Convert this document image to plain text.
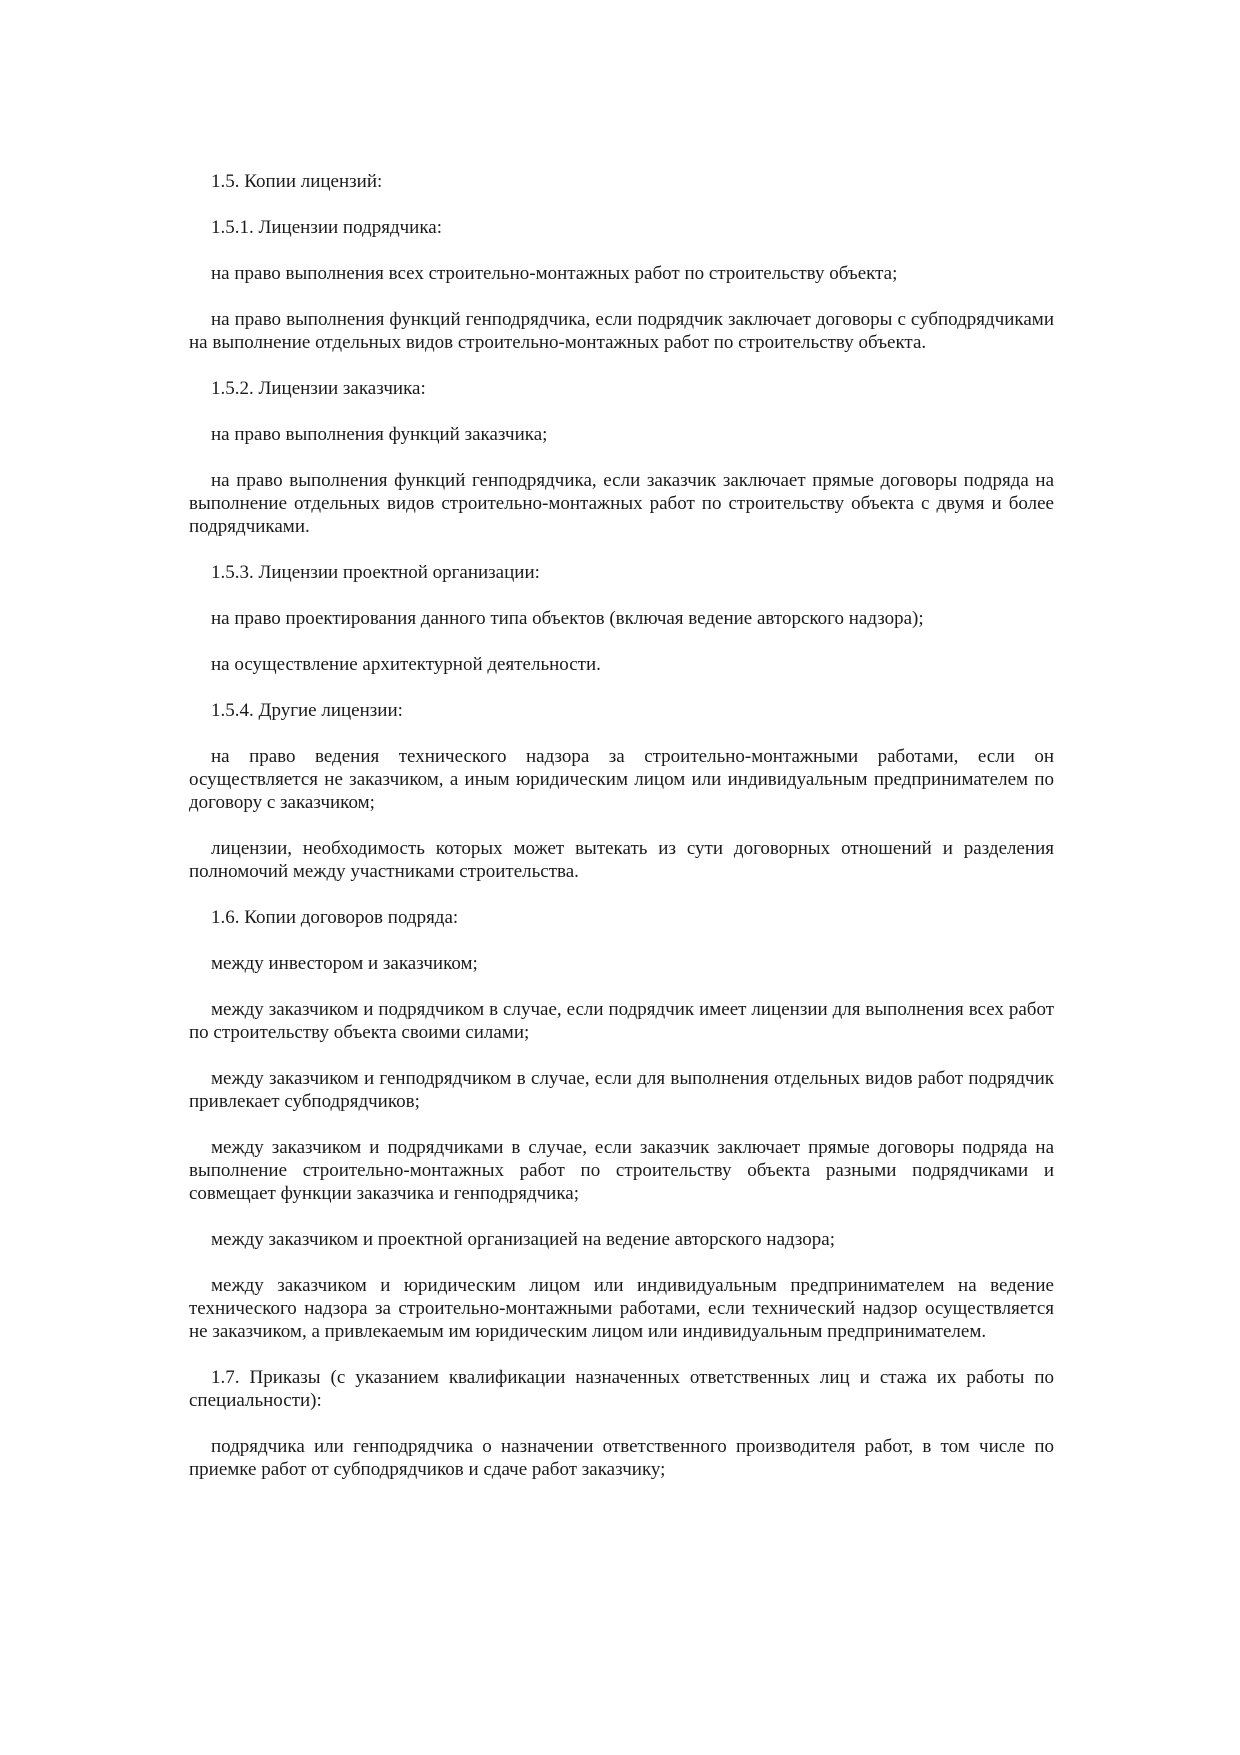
1.5. Копии лицензий:

1.5.1. Лицензии подрядчика:

на право выполнения всех строительно-монтажных работ по строительству объекта;

на право выполнения функций генподрядчика, если подрядчик заключает договоры с субподрядчиками на выполнение отдельных видов строительно-монтажных работ по строительству объекта.

1.5.2. Лицензии заказчика:

на право выполнения функций заказчика;

на право выполнения функций генподрядчика, если заказчик заключает прямые договоры подряда на выполнение отдельных видов строительно-монтажных работ по строительству объекта с двумя и более подрядчиками.

1.5.3. Лицензии проектной организации:

на право проектирования данного типа объектов (включая ведение авторского надзора);

на осуществление архитектурной деятельности.

1.5.4. Другие лицензии:

на право ведения технического надзора за строительно-монтажными работами, если он осуществляется не заказчиком, а иным юридическим лицом или индивидуальным предпринимателем по договору с заказчиком;

лицензии, необходимость которых может вытекать из сути договорных отношений и разделения полномочий между участниками строительства.

1.6. Копии договоров подряда:

между инвестором и заказчиком;

между заказчиком и подрядчиком в случае, если подрядчик имеет лицензии для выполнения всех работ по строительству объекта своими силами;

между заказчиком и генподрядчиком в случае, если для выполнения отдельных видов работ подрядчик привлекает субподрядчиков;

между заказчиком и подрядчиками в случае, если заказчик заключает прямые договоры подряда на выполнение строительно-монтажных работ по строительству объекта разными подрядчиками и совмещает функции заказчика и генподрядчика;

между заказчиком и проектной организацией на ведение авторского надзора;

между заказчиком и юридическим лицом или индивидуальным предпринимателем на ведение технического надзора за строительно-монтажными работами, если технический надзор осуществляется не заказчиком, а привлекаемым им юридическим лицом или индивидуальным предпринимателем.

1.7. Приказы (с указанием квалификации назначенных ответственных лиц и стажа их работы по специальности):

подрядчика или генподрядчика о назначении ответственного производителя работ, в том числе по приемке работ от субподрядчиков и сдаче работ заказчику;
